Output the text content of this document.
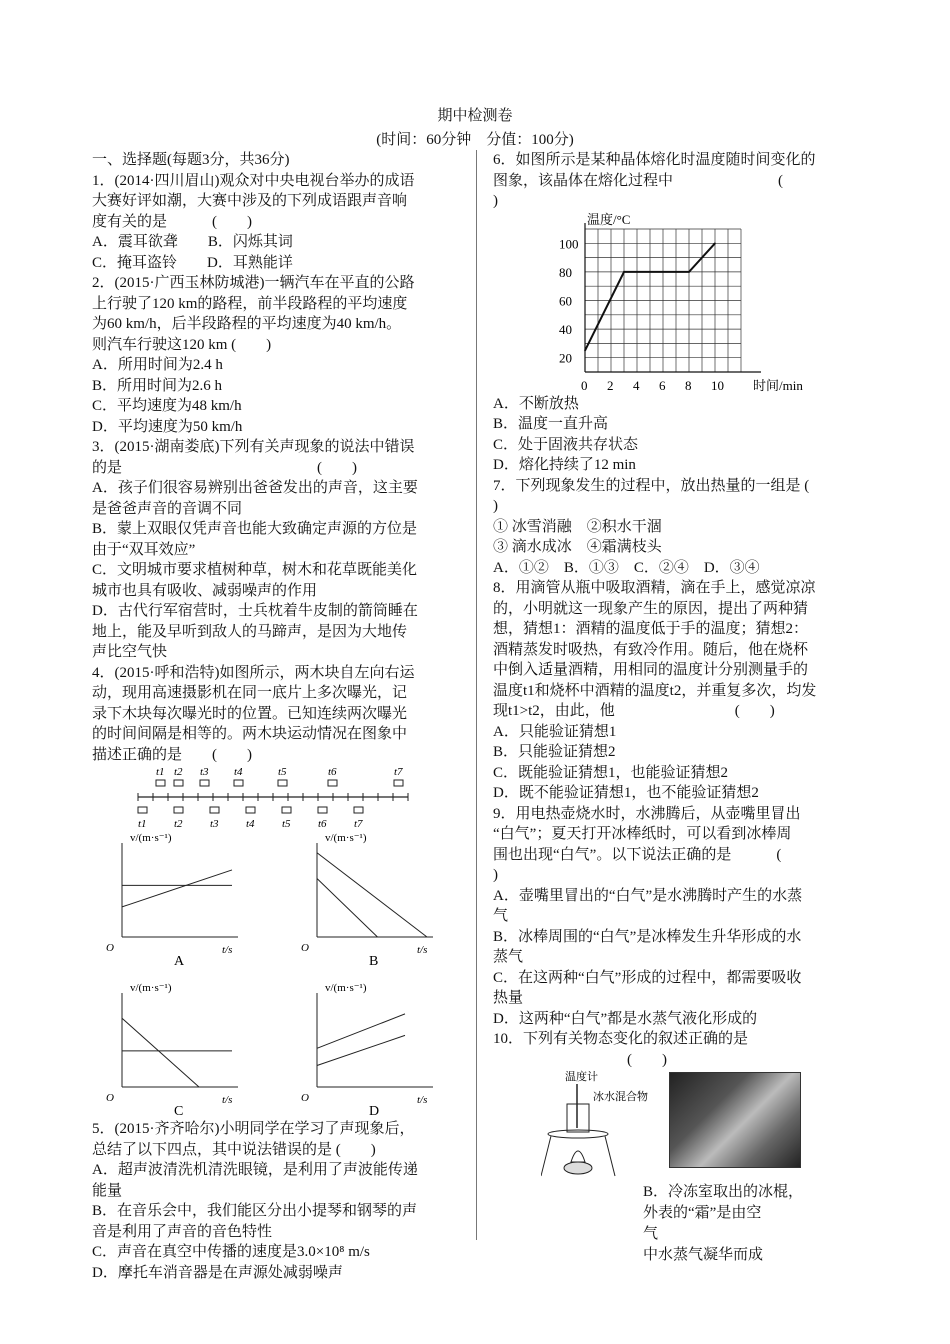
期中检测卷
(时间：60分钟　分值：100分)

一、选择题(每题3分，共36分)

1．(2014·四川眉山)观众对中央电视台举办的成语

大赛好评如潮，大赛中涉及的下列成语跟声音响

度有关的是　　　(　　)

A．震耳欲聋　　B．闪烁其词

C．掩耳盗铃　　D．耳熟能详

2．(2015·广西玉林防城港)一辆汽车在平直的公路

上行驶了120 km的路程，前半段路程的平均速度

为60 km/h，后半段路程的平均速度为40 km/h。

则汽车行驶这120 km (　　)

A．所用时间为2.4 h

B．所用时间为2.6 h

C．平均速度为48 km/h

D．平均速度为50 km/h

3．(2015·湖南娄底)下列有关声现象的说法中错误

的是　　　　　　　　　　　　　(　　)

A．孩子们很容易辨别出爸爸发出的声音，这主要

是爸爸声音的音调不同

B．蒙上双眼仅凭声音也能大致确定声源的方位是

由于“双耳效应”

C．文明城市要求植树种草，树木和花草既能美化

城市也具有吸收、减弱噪声的作用

D．古代行军宿营时，士兵枕着牛皮制的箭筒睡在

地上，能及早听到敌人的马蹄声，是因为大地传

声比空气快

4．(2015·呼和浩特)如图所示，两木块自左向右运

动，现用高速摄影机在同一底片上多次曝光，记

录下木块每次曝光时的位置。已知连续两次曝光

的时间间隔是相等的。两木块运动情况在图象中

描述正确的是　　(　　)

t1 t2 t3 t4	t5	t6	t7
t1 t2 t3 t4 t5 t6 t7
v/(m·s⁻¹)
t/s
O
A
v/(m·s⁻¹)
t/s
O
B
v/(m·s⁻¹)
t/s
O
C
v/(m·s⁻¹)
t/s
O
D

5．(2015·齐齐哈尔)小明同学在学习了声现象后，

总结了以下四点，其中说法错误的是 (　　)

A．超声波清洗机清洗眼镜，是利用了声波能传递

能量

B．在音乐会中，我们能区分出小提琴和钢琴的声

音是利用了声音的音色特性

C．声音在真空中传播的速度是3.0×10⁸ m/s

D．摩托车消音器是在声源处减弱噪声

6．如图所示是某种晶体熔化时温度随时间变化的

图象，该晶体在熔化过程中　　　　　　　(

)

温度/°C
时间/min
20
40
60
80
100
0 2 4 6 8 10

A．不断放热

B．温度一直升高

C．处于固液共存状态

D．熔化持续了12 min

7．下列现象发生的过程中，放出热量的一组是 (

)

① 冰雪消融　②积水干涸

③ 滴水成冰　④霜满枝头

A．①②　B．①③　C．②④　D．③④

8．用滴管从瓶中吸取酒精，滴在手上，感觉凉凉

的，小明就这一现象产生的原因，提出了两种猜

想，猜想1：酒精的温度低于手的温度；猜想2：

酒精蒸发时吸热，有致冷作用。随后，他在烧杯

中倒入适量酒精，用相同的温度计分别测量手的

温度t1和烧杯中酒精的温度t2，并重复多次，均发

现t1>t2，由此，他　　　　　　　　(　　)

A．只能验证猜想1

B．只能验证猜想2

C．既能验证猜想1，也能验证猜想2

D．既不能验证猜想1，也不能验证猜想2

9．用电热壶烧水时，水沸腾后，从壶嘴里冒出

“白气”；夏天打开冰棒纸时，可以看到冰棒周

围也出现“白气”。以下说法正确的是　　　(

)

A．壶嘴里冒出的“白气”是水沸腾时产生的水蒸

气

B．冰棒周围的“白气”是冰棒发生升华形成的水

蒸气

C．在这两种“白气”形成的过程中，都需要吸收

热量

D．这两种“白气”都是水蒸气液化形成的

10．下列有关物态变化的叙述正确的是

(　　)

温度计
冰水混合物

B．冷冻室取出的冰棍，

外表的“霜”是由空

气

中水蒸气凝华而成
